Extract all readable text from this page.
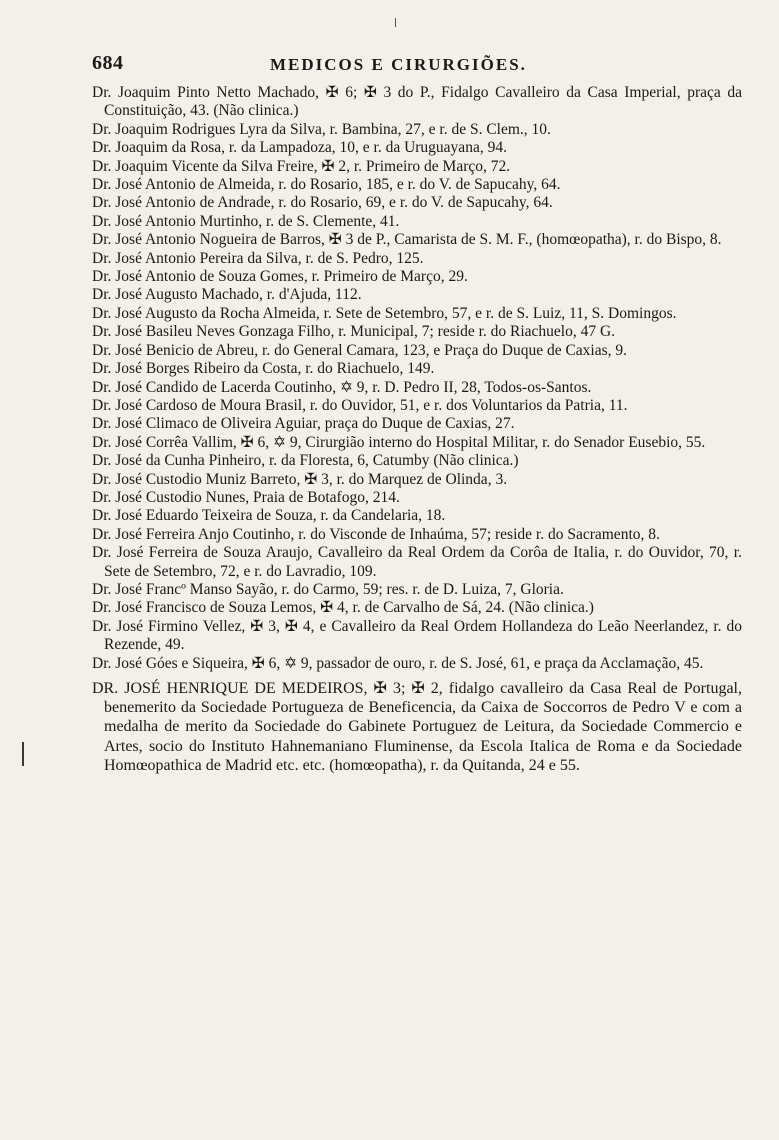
684	MEDICOS E CIRURGIÕES.

Dr. Joaquim Pinto Netto Machado, ✠ 6; ✠ 3 do P., Fidalgo Cavalleiro da Casa Imperial, praça da Constituição, 43. (Não clinica.)

Dr. Joaquim Rodrigues Lyra da Silva, r. Bambina, 27, e r. de S. Clem., 10.

Dr. Joaquim da Rosa, r. da Lampadoza, 10, e r. da Uruguayana, 94.

Dr. Joaquim Vicente da Silva Freire, ✠ 2, r. Primeiro de Março, 72.

Dr. José Antonio de Almeida, r. do Rosario, 185, e r. do V. de Sapucahy, 64.

Dr. José Antonio de Andrade, r. do Rosario, 69, e r. do V. de Sapucahy, 64.

Dr. José Antonio Murtinho, r. de S. Clemente, 41.

Dr. José Antonio Nogueira de Barros, ✠ 3 de P., Camarista de S. M. F., (homœopatha), r. do Bispo, 8.

Dr. José Antonio Pereira da Silva, r. de S. Pedro, 125.

Dr. José Antonio de Souza Gomes, r. Primeiro de Março, 29.

Dr. José Augusto Machado, r. d'Ajuda, 112.

Dr. José Augusto da Rocha Almeida, r. Sete de Setembro, 57, e r. de S. Luiz, 11, S. Domingos.

Dr. José Basileu Neves Gonzaga Filho, r. Municipal, 7; reside r. do Riachuelo, 47 G.

Dr. José Benicio de Abreu, r. do General Camara, 123, e Praça do Duque de Caxias, 9.

Dr. José Borges Ribeiro da Costa, r. do Riachuelo, 149.

Dr. José Candido de Lacerda Coutinho, ✡ 9, r. D. Pedro II, 28, Todos-os-Santos.

Dr. José Cardoso de Moura Brasil, r. do Ouvidor, 51, e r. dos Voluntarios da Patria, 11.

Dr. José Climaco de Oliveira Aguiar, praça do Duque de Caxias, 27.

Dr. José Corrêa Vallim, ✠ 6, ✡ 9, Cirurgião interno do Hospital Militar, r. do Senador Eusebio, 55.

Dr. José da Cunha Pinheiro, r. da Floresta, 6, Catumby (Não clinica.)

Dr. José Custodio Muniz Barreto, ✠ 3, r. do Marquez de Olinda, 3.

Dr. José Custodio Nunes, Praia de Botafogo, 214.

Dr. José Eduardo Teixeira de Souza, r. da Candelaria, 18.

Dr. José Ferreira Anjo Coutinho, r. do Visconde de Inhaúma, 57; reside r. do Sacramento, 8.

Dr. José Ferreira de Souza Araujo, Cavalleiro da Real Ordem da Corôa de Italia, r. do Ouvidor, 70, r. Sete de Setembro, 72, e r. do Lavradio, 109.

Dr. José Francº Manso Sayão, r. do Carmo, 59; res. r. de D. Luiza, 7, Gloria.

Dr. José Francisco de Souza Lemos, ✠ 4, r. de Carvalho de Sá, 24. (Não clinica.)

Dr. José Firmino Vellez, ✠ 3, ✠ 4, e Cavalleiro da Real Ordem Hollandeza do Leão Neerlandez, r. do Rezende, 49.

Dr. José Góes e Siqueira, ✠ 6, ✡ 9, passador de ouro, r. de S. José, 61, e praça da Acclamação, 45.

DR. JOSÉ HENRIQUE DE MEDEIROS, ✠ 3; ✠ 2, fidalgo cavalleiro da Casa Real de Portugal, benemerito da Sociedade Portugueza de Beneficencia, da Caixa de Soccorros de Pedro V e com a medalha de merito da Sociedade do Gabinete Portuguez de Leitura, da Sociedade Commercio e Artes, socio do Instituto Hahnemaniano Fluminense, da Escola Italica de Roma e da Sociedade Homœopathica de Madrid etc. etc. (homœopatha), r. da Quitanda, 24 e 55.
